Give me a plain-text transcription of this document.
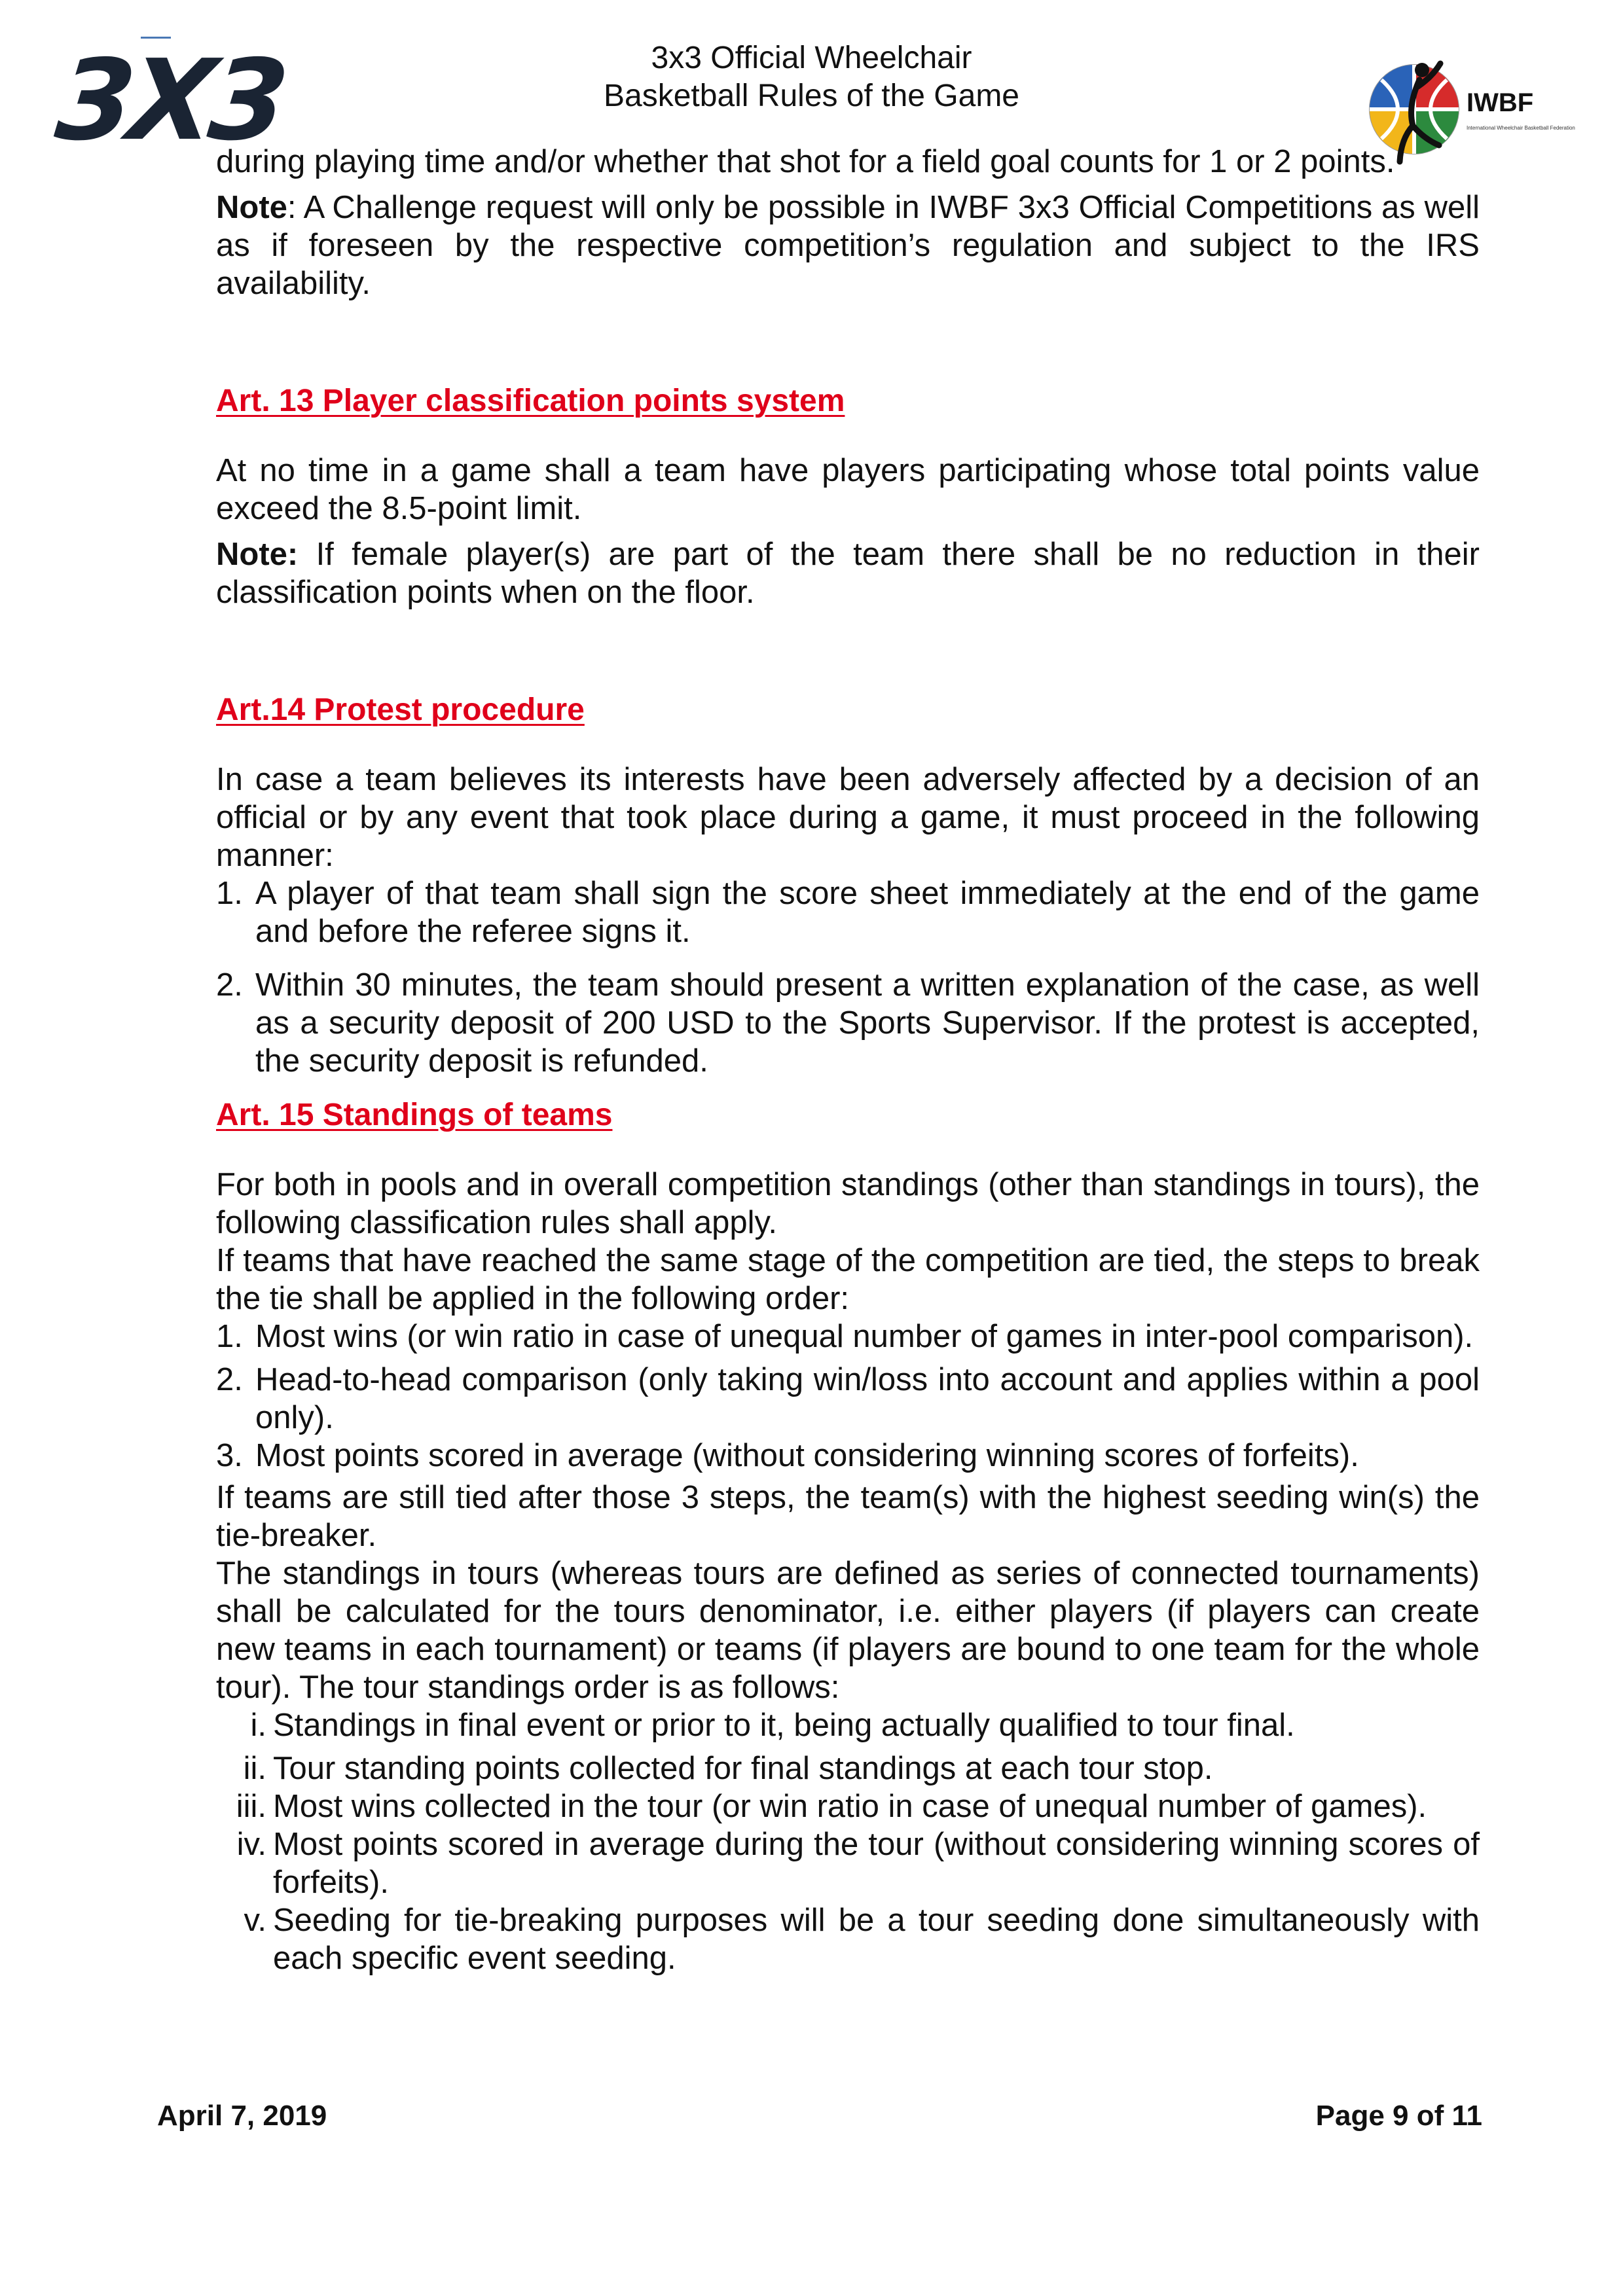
3X3	3x3 Official Wheelchair
Basketball Rules of the Game	IWBF
International Wheelchair Basketball Federation

during playing time and/or whether that shot for a field goal counts for 1 or 2 points.

Note: A Challenge request will only be possible in IWBF 3x3 Official Competitions as well as if foreseen by the respective competition’s regulation and subject to the IRS availability.

Art. 13 Player classification points system

At no time in a game shall a team have players participating whose total points value exceed the 8.5-point limit.

Note: If female player(s) are part of the team there shall be no reduction in their classification points when on the floor.

Art.14 Protest procedure

In case a team believes its interests have been adversely affected by a decision of an official or by any event that took place during a game, it must proceed in the following manner:

1. A player of that team shall sign the score sheet immediately at the end of the game and before the referee signs it.
2. Within 30 minutes, the team should present a written explanation of the case, as well as a security deposit of 200 USD to the Sports Supervisor. If the protest is accepted, the security deposit is refunded.

Art. 15 Standings of teams

For both in pools and in overall competition standings (other than standings in tours), the following classification rules shall apply.

If teams that have reached the same stage of the competition are tied, the steps to break the tie shall be applied in the following order:

1. Most wins (or win ratio in case of unequal number of games in inter-pool comparison).
2. Head-to-head comparison (only taking win/loss into account and applies within a pool only).
3. Most points scored in average (without considering winning scores of forfeits).

If teams are still tied after those 3 steps, the team(s) with the highest seeding win(s) the tie-breaker.

The standings in tours (whereas tours are defined as series of connected tournaments) shall be calculated for the tours denominator, i.e. either players (if players can create new teams in each tournament) or teams (if players are bound to one team for the whole tour). The tour standings order is as follows:

i. Standings in final event or prior to it, being actually qualified to tour final.
ii. Tour standing points collected for final standings at each tour stop.
iii. Most wins collected in the tour (or win ratio in case of unequal number of games).
iv. Most points scored in average during the tour (without considering winning scores of forfeits).
v. Seeding for tie-breaking purposes will be a tour seeding done simultaneously with each specific event seeding.
April 7, 2019	Page 9 of 11
